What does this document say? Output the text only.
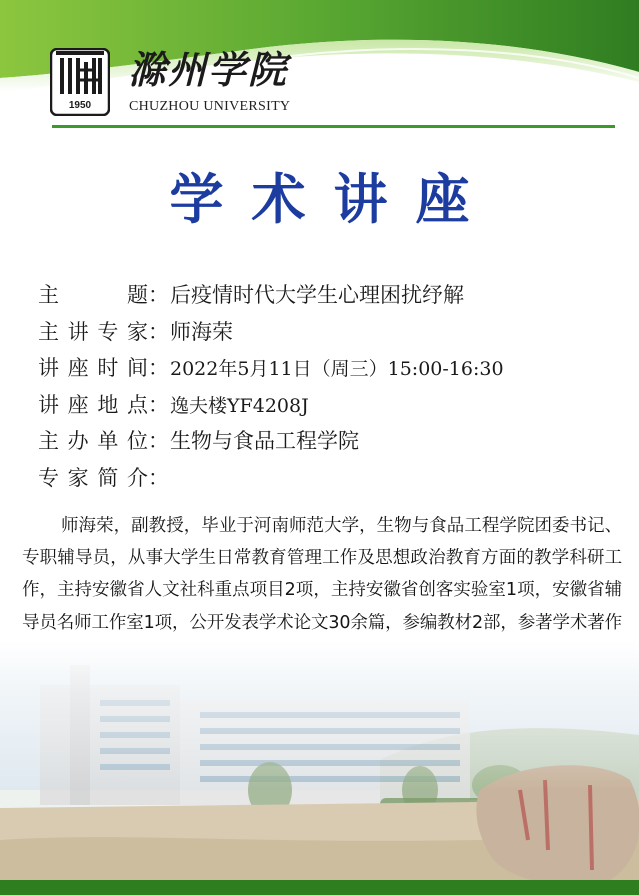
1950
滁州学院
CHUZHOU UNIVERSITY
学术讲座
主　题 ： 后疫情时代大学生心理困扰纾解
主讲专家 ： 师海荣
讲座时间 ： 2022年5月11日（周三）15:00-16:30
讲座地点 ： 逸夫楼YF4208J
主办单位 ： 生物与食品工程学院
专家简介 ：
师海荣，副教授，毕业于河南师范大学，生物与食品工程学院团委书记、专职辅导员，从事大学生日常教育管理工作及思想政治教育方面的教学科研工作，主持安徽省人文社科重点项目2项，主持安徽省创客实验室1项，安徽省辅导员名师工作室1项，公开发表学术论文30余篇，参编教材2部，参著学术著作
